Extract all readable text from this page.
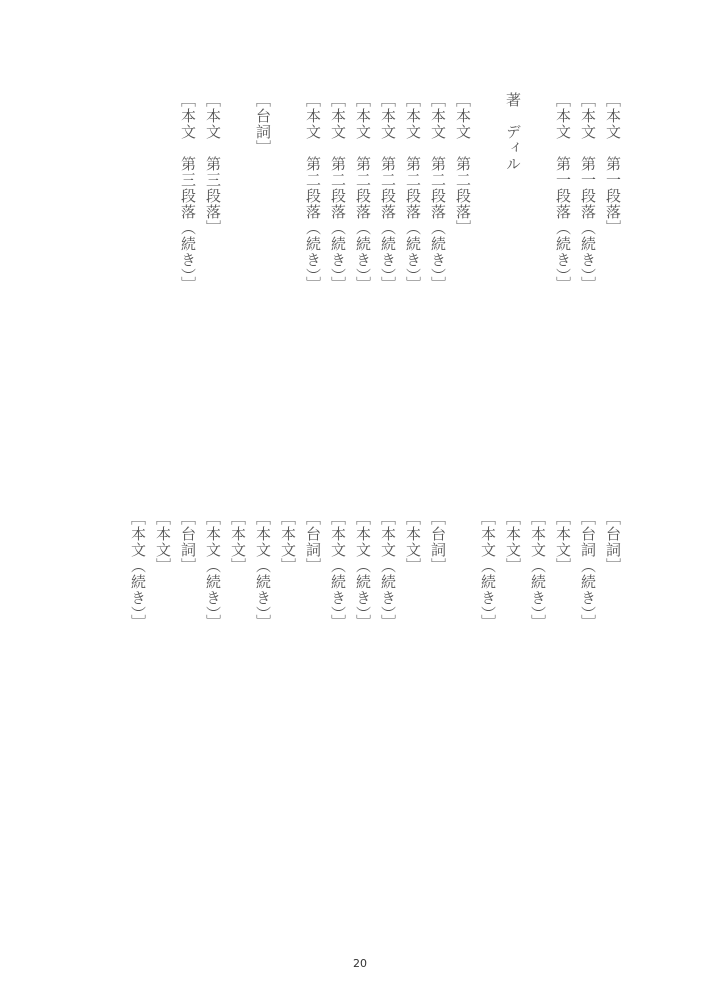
［本文　第一段落］

［本文　第一段落（続き）］

［本文　第一段落（続き）］

著　ディル

［本文　第二段落］

［本文　第二段落（続き）］

［本文　第二段落（続き）］

［本文　第二段落（続き）］

［本文　第二段落（続き）］

［本文　第二段落（続き）］

［本文　第二段落（続き）］

［台詞］

［本文　第三段落］

［本文　第三段落（続き）］

［台詞］

［台詞（続き）］

［本文］

［本文（続き）］

［本文］

［本文（続き）］

［台詞］

［本文］

［本文（続き）］

［本文（続き）］

［本文（続き）］

［台詞］

［本文］

［本文（続き）］

［本文］

［本文（続き）］

［台詞］

［本文］

［本文（続き）］

20
